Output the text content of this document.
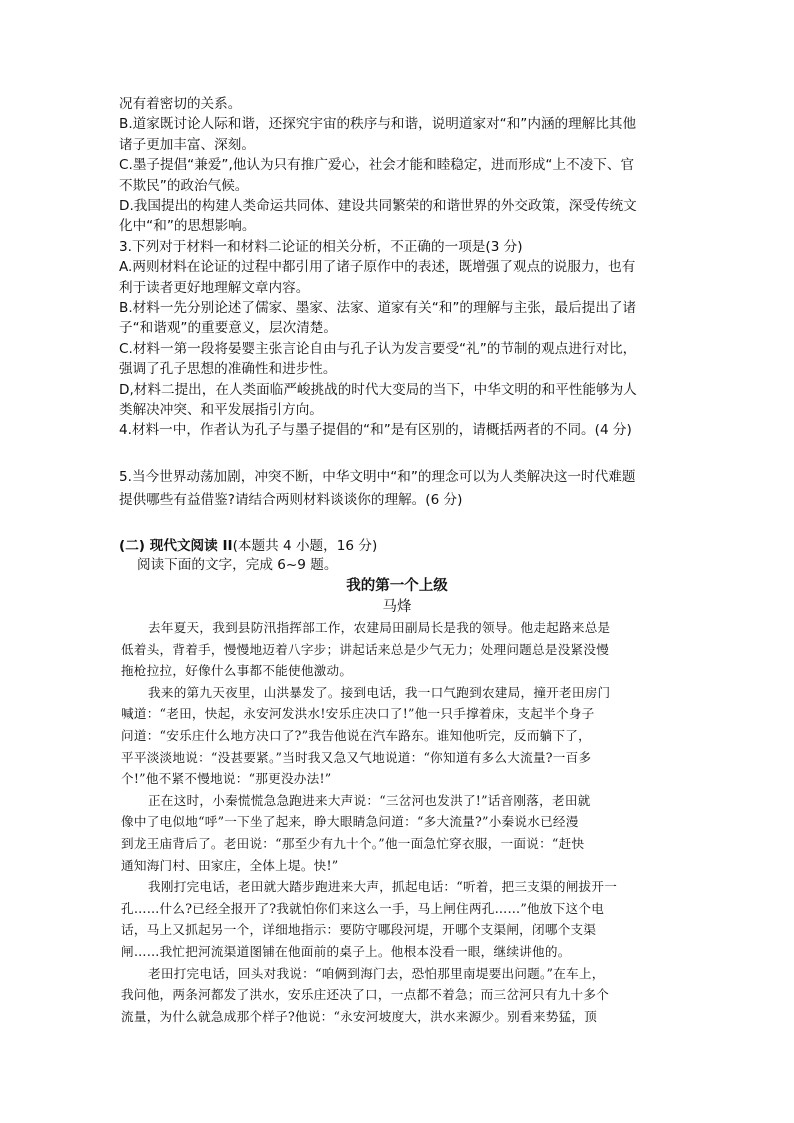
况有着密切的关系。
B.道家既讨论人际和谐，还探究宇宙的秩序与和谐，说明道家对“和”内涵的理解比其他
诸子更加丰富、深刻。
C.墨子提倡“兼爱”,他认为只有推广爱心，社会才能和睦稳定，进而形成“上不凌下、官
不欺民”的政治气候。
D.我国提出的构建人类命运共同体、建设共同繁荣的和谐世界的外交政策，深受传统文
化中“和”的思想影响。
3.下列对于材料一和材料二论证的相关分析，不正确的一项是(3 分)
A.两则材料在论证的过程中都引用了诸子原作中的表述，既增强了观点的说服力，也有
利于读者更好地理解文章内容。
B.材料一先分别论述了儒家、墨家、法家、道家有关“和”的理解与主张，最后提出了诸
子“和谐观”的重要意义，层次清楚。
C.材料一第一段将晏婴主张言论自由与孔子认为发言要受“礼”的节制的观点进行对比，
强调了孔子思想的准确性和进步性。
D,材料二提出，在人类面临严峻挑战的时代大变局的当下，中华文明的和平性能够为人
类解决冲突、和平发展指引方向。
4.材料一中，作者认为孔子与墨子提倡的“和”是有区别的，请概括两者的不同。(4 分)
5.当今世界动荡加剧，冲突不断，中华文明中“和”的理念可以为人类解决这一时代难题
提供哪些有益借鉴?请结合两则材料谈谈你的理解。(6 分)
(二) 现代文阅读 II(本题共 4 小题，16 分)
阅读下面的文字，完成 6~9 题。
我的第一个上级
马烽
去年夏天，我到县防汛指挥部工作，农建局田副局长是我的领导。他走起路来总是
低着头，背着手，慢慢地迈着八字步；讲起话来总是少气无力；处理问题总是没紧没慢
拖枪拉拉，好像什么事都不能使他激动。
我来的第九天夜里，山洪暴发了。接到电话，我一口气跑到农建局，撞开老田房门
喊道：“老田，快起，永安河发洪水!安乐庄决口了!”他一只手撑着床，支起半个身子
问道：“安乐庄什么地方决口了?”我告他说在汽车路东。谁知他听完，反而躺下了，
平平淡淡地说：“没甚要紧。”当时我又急又气地说道：“你知道有多么大流量?一百多
个!”他不紧不慢地说：“那更没办法!”
正在这时，小秦慌慌急急跑进来大声说：“三岔河也发洪了!”话音刚落，老田就
像中了电似地“呼”一下坐了起来，睁大眼睛急问道：“多大流量?”小秦说水已经漫
到龙王庙背后了。老田说：“那至少有九十个。”他一面急忙穿衣服，一面说：“赶快
通知海门村、田家庄，全体上堤。快!”
我刚打完电话，老田就大踏步跑进来大声，抓起电话：“听着，把三支渠的闸拔开一
孔……什么?已经全报开了?我就怕你们来这么一手，马上闸住两孔……”他放下这个电
话，马上又抓起另一个，详细地指示：要防守哪段河堤，开哪个支渠闸，闭哪个支渠
闸……我忙把河流渠道图铺在他面前的桌子上。他根本没看一眼，继续讲他的。
老田打完电话，回头对我说：“咱俩到海门去，恐怕那里南堤要出问题。”在车上，
我问他，两条河都发了洪水，安乐庄还决了口，一点都不着急；而三岔河只有九十多个
流量，为什么就急成那个样子?他说：“永安河坡度大，洪水来源少。别看来势猛，顶
